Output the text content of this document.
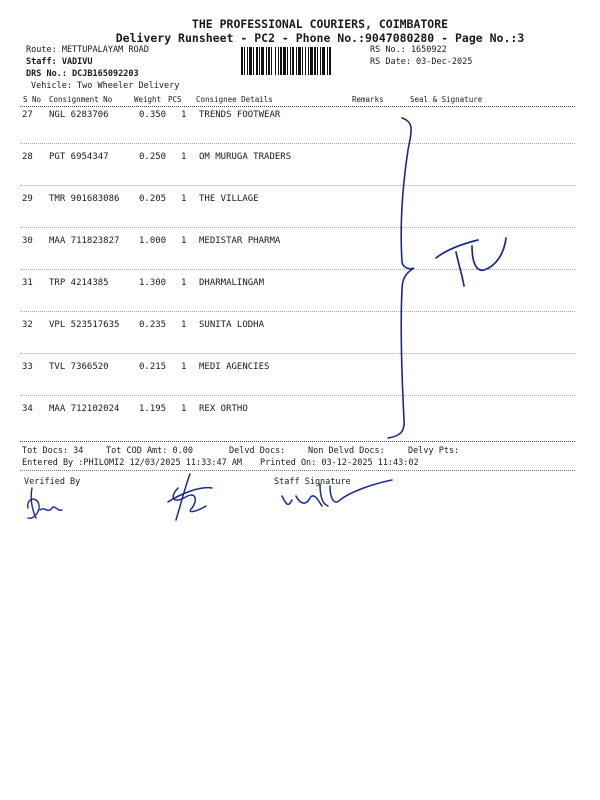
THE PROFESSIONAL COURIERS, COIMBATORE
Delivery Runsheet - PC2 - Phone No.:9047080280 - Page No.:3
Route: METTUPALAYAM ROAD
Staff: VADIVU
DRS No.: DCJB165092203
Vehicle: Two Wheeler Delivery
RS No.: 1650922
RS Date: 03-Dec-2025
S No Consignment No	Weight PCS Consignee Details	Remarks	Seal & Signature
27 NGL 6283706	0.350 1 TRENDS FOOTWEAR
28 PGT 6954347	0.250 1 OM MURUGA TRADERS
29 TMR 901683086 0.205 1 THE VILLAGE
30 MAA 711823827 1.000 1 MEDISTAR PHARMA
31 TRP 4214385	1.300 1 DHARMALINGAM
32 VPL 523517635 0.235 1 SUNITA LODHA
33 TVL 7366520	0.215 1 MEDI AGENCIES
34 MAA 712102024 1.195 1 REX ORTHO
Tot Docs: 34	Tot COD Amt: 0.00	Delvd Docs:	Non Delvd Docs:	Delvy Pts:
Entered By :PHILOMI2 12/03/2025 11:33:47 AM Printed On: 03-12-2025 11:43:02
Verified By	Staff Signature
